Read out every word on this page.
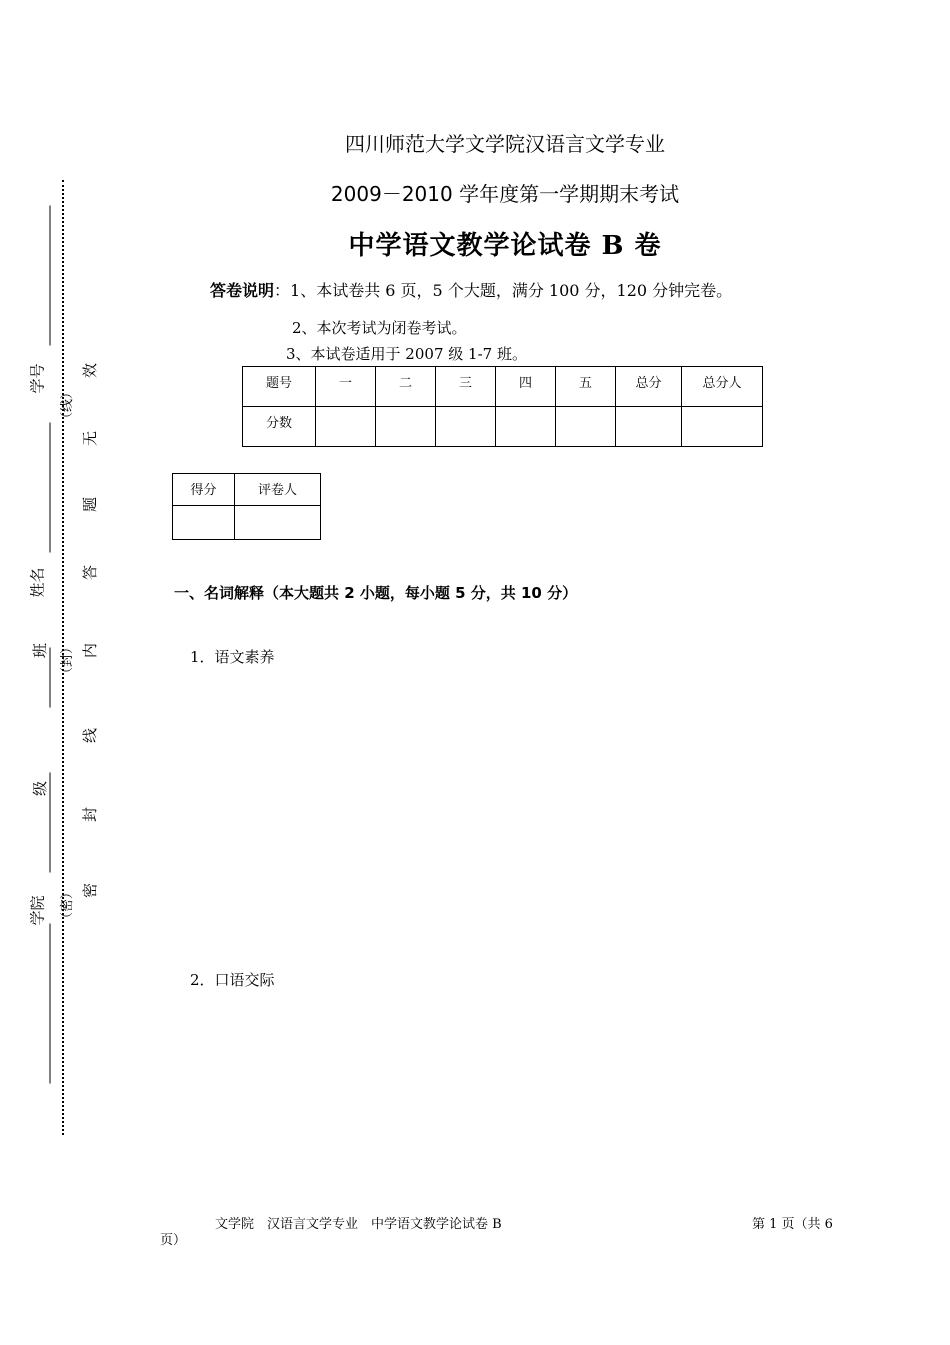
四川师范大学文学院汉语言文学专业
2009－2010 学年度第一学期期末考试
中学语文教学论试卷 B 卷
答卷说明：1、本试卷共 6 页，5 个大题，满分 100 分，120 分钟完卷。
2、本次考试为闭卷考试。
3、本试卷适用于 2007 级 1-7 班。
题号	一	二	三	四	五	总分	总分人
分数							
得分	评卷人

一、名词解释（本大题共 2 小题，每小题 5 分，共 10 分）
1．语文素养
2．口语交际
文学院　汉语言文学专业　中学语文教学论试卷 B	第 1 页（共 6
页）
学号
姓名
班
级
学院
（线）
（封）
（密）
效
无
题
答
内
线
封
密
